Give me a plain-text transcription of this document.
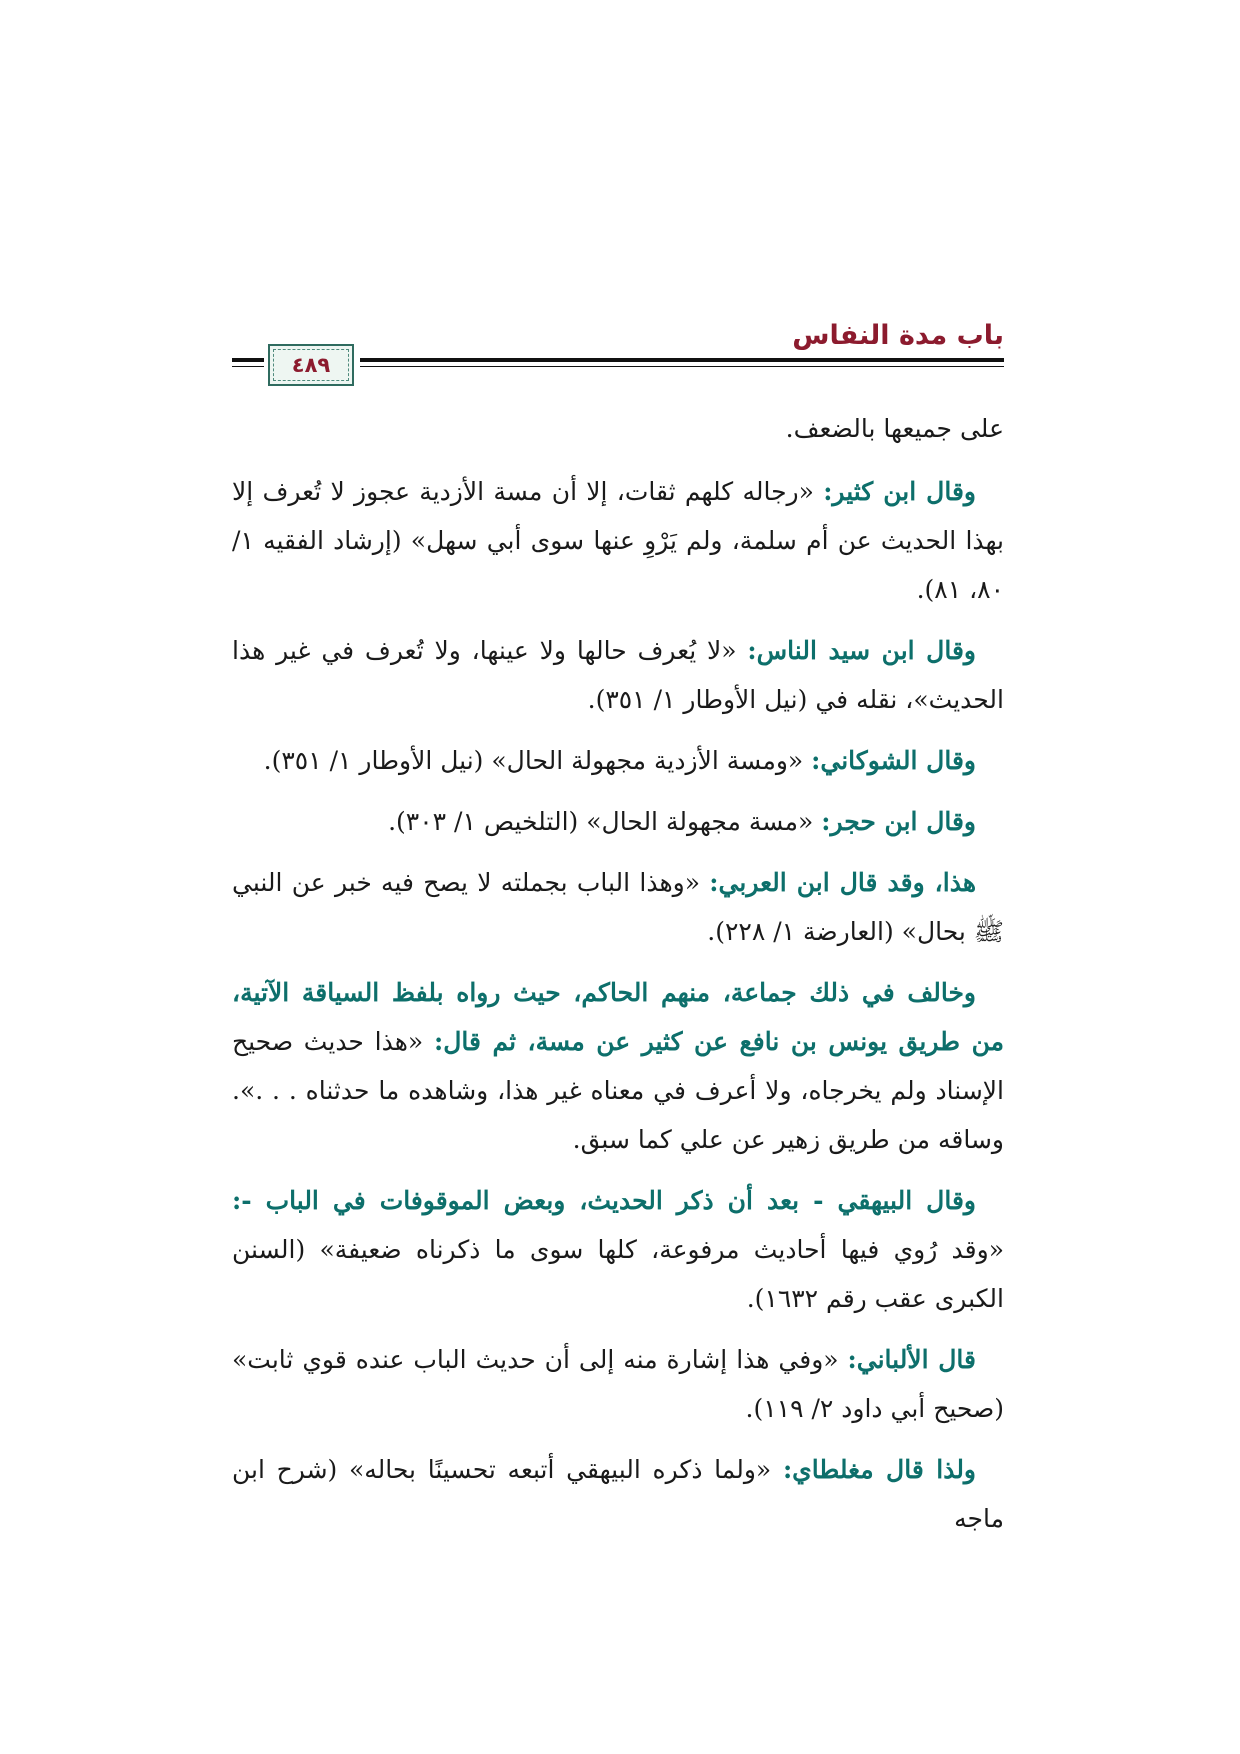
باب مدة النفاس
٤٨٩

على جميعها بالضعف.

وقال ابن كثير: «رجاله كلهم ثقات، إلا أن مسة الأزدية عجوز لا تُعرف إلا بهذا الحديث عن أم سلمة، ولم يَرْوِ عنها سوى أبي سهل» (إرشاد الفقيه ١/ ٨٠، ٨١).

وقال ابن سيد الناس: «لا يُعرف حالها ولا عينها، ولا تُعرف في غير هذا الحديث»، نقله في (نيل الأوطار ١/ ٣٥١).

وقال الشوكاني: «ومسة الأزدية مجهولة الحال» (نيل الأوطار ١/ ٣٥١).

وقال ابن حجر: «مسة مجهولة الحال» (التلخيص ١/ ٣٠٣).

هذا، وقد قال ابن العربي: «وهذا الباب بجملته لا يصح فيه خبر عن النبي ﷺ بحال» (العارضة ١/ ٢٢٨).

وخالف في ذلك جماعة، منهم الحاكم، حيث رواه بلفظ السياقة الآتية، من طريق يونس بن نافع عن كثير عن مسة، ثم قال: «هذا حديث صحيح الإسناد ولم يخرجاه، ولا أعرف في معناه غير هذا، وشاهده ما حدثناه . . .». وساقه من طريق زهير عن علي كما سبق.

وقال البيهقي - بعد أن ذكر الحديث، وبعض الموقوفات في الباب -: «وقد رُوي فيها أحاديث مرفوعة، كلها سوى ما ذكرناه ضعيفة» (السنن الكبرى عقب رقم ١٦٣٢).

قال الألباني: «وفي هذا إشارة منه إلى أن حديث الباب عنده قوي ثابت» (صحيح أبي داود ٢/ ١١٩).

ولذا قال مغلطاي: «ولما ذكره البيهقي أتبعه تحسينًا بحاله» (شرح ابن ماجه
